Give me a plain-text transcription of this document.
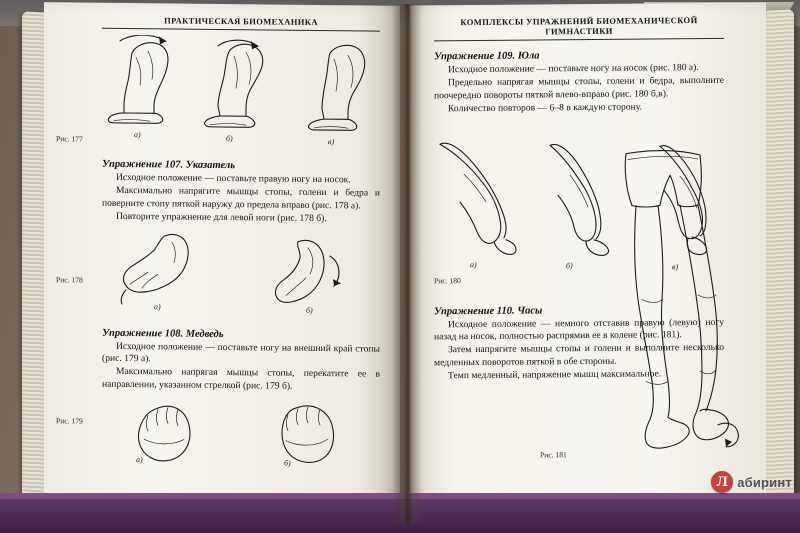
ПРАКТИЧЕСКАЯ БИОМЕХАНИКА
а)	б)	в)
Рис. 177
Упражнение 107. Указатель

Исходное положение — поставьте правую ногу на носок.

Максимально напрягите мышцы стопы, голени и бедра и поверните стопу пяткой наружу до предела вправо (рис. 178 а).

Повторите упражнение для левой ноги (рис. 178 б).

Рис. 178
а)	б)
Упражнение 108. Медведь

Исходное положение — поставьте ногу на внешний край стопы (рис. 179 а).

Максимально напрягая мышцы стопы, перекатите ее в направлении, указанном стрелкой (рис. 179 б).

Рис. 179
а)	б)
КОМПЛЕКСЫ УПРАЖНЕНИЙ БИОМЕХАНИЧЕСКОЙ ГИМНАСТИКИ
Упражнение 109. Юла

Исходное положение — поставьте ногу на носок (рис. 180 а).

Предельно напрягая мышцы стопы, голени и бедра, выполните поочередно повороты пяткой влево-вправо (рис. 180 б,в).

Количество повторов — 6–8 в каждую сторону.

а)	б)	в)
Рис. 180
Упражнение 110. Часы

Исходное положение — немного отставив правую (левую) ногу назад на носок, полностью распрямив ее в колене (рис. 181).

Затем напрягите мышцы стопы и голени и выполните несколько медленных поворотов пяткой в обе стороны.

Темп медленный, напряжение мышц максимальное.

Рис. 181
Л абиринт
